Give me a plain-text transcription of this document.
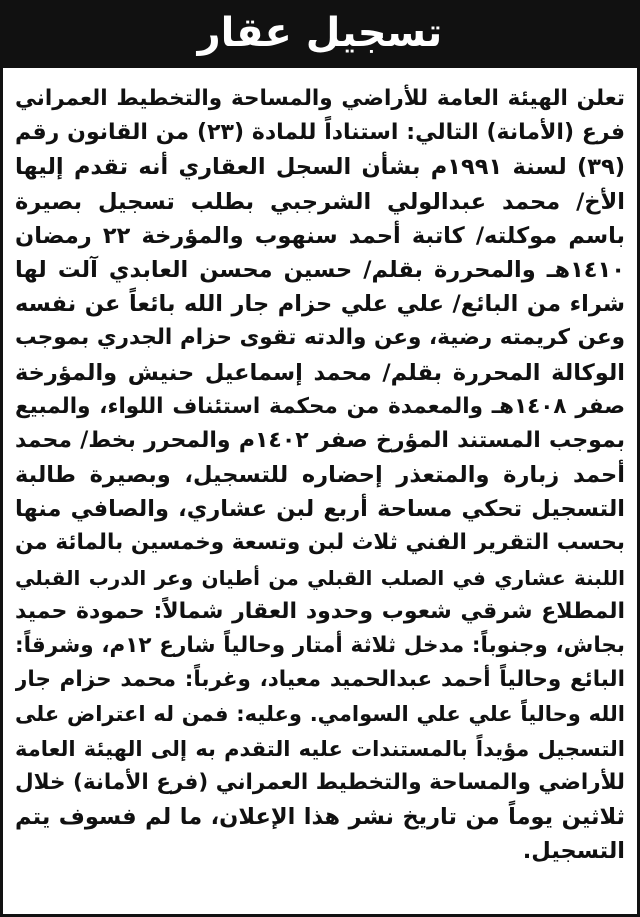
تسجيل عقار
تعلن الهيئة العامة للأراضي والمساحة والتخطيط العمراني
فرع (الأمانة) التالي: استناداً للمادة (٢٣) من القانون رقم
(٣٩) لسنة ١٩٩١م بشأن السجل العقاري أنه تقدم إليها
الأخ/ محمد عبدالولي الشرجبي بطلب تسجيل بصيرة
باسم موكلته/ كاتبة أحمد سنهوب والمؤرخة ٢٢ رمضان
١٤١٠هـ والمحررة بقلم/ حسين محسن العابدي آلت لها
شراء من البائع/ علي علي حزام جار الله بائعاً عن نفسه
وعن كريمته رضية، وعن والدته تقوى حزام الجدري بموجب
الوكالة المحررة بقلم/ محمد إسماعيل حنيش والمؤرخة
صفر ١٤٠٨هـ والمعمدة من محكمة استئناف اللواء، والمبيع
بموجب المستند المؤرخ صفر ١٤٠٢م والمحرر بخط/ محمد
أحمد زبارة والمتعذر إحضاره للتسجيل، وبصيرة طالبة
التسجيل تحكي مساحة أربع لبن عشاري، والصافي منها
بحسب التقرير الفني ثلاث لبن وتسعة وخمسين بالمائة من
اللبنة عشاري في الصلب القبلي من أطيان وعر الدرب القبلي
المطلاع شرقي شعوب وحدود العقار شمالاً: حمودة حميد
بجاش، وجنوباً: مدخل ثلاثة أمتار وحالياً شارع ١٢م، وشرقاً:
البائع وحالياً أحمد عبدالحميد معياد، وغرباً: محمد حزام جار
الله وحالياً علي علي السوامي. وعليه: فمن له اعتراض على
التسجيل مؤيداً بالمستندات عليه التقدم به إلى الهيئة العامة
للأراضي والمساحة والتخطيط العمراني (فرع الأمانة) خلال
ثلاثين يوماً من تاريخ نشر هذا الإعلان، ما لم فسوف يتم
التسجيل.
